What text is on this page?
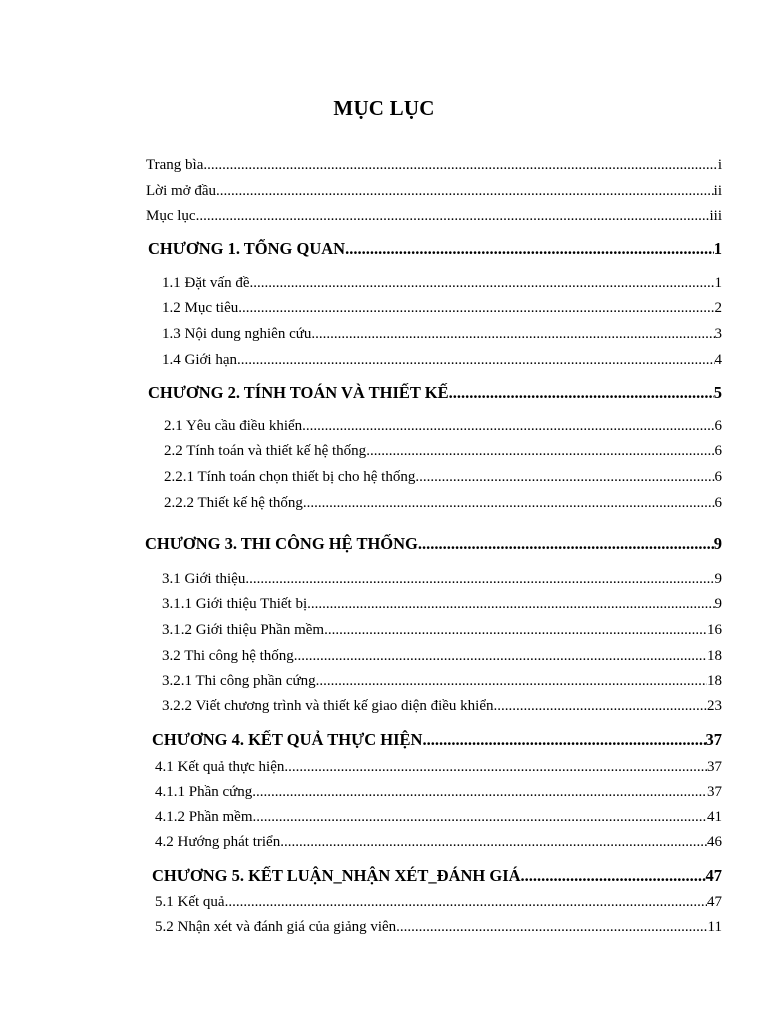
MỤC LỤC
Trang bìa .....	i
Lời mở đầu .....	ii
Mục lục .....	iii
CHƯƠNG 1. TỔNG QUAN .....	1
1.1 Đặt vấn đề .....	1
1.2 Mục tiêu .....	2
1.3 Nội dung nghiên cứu .....	3
1.4 Giới hạn .....	4
CHƯƠNG 2. TÍNH TOÁN VÀ THIẾT KẾ .....	5
2.1 Yêu cầu điều khiển .....	6
2.2 Tính toán và thiết kế hệ thống .....	6
2.2.1 Tính toán chọn thiết bị cho hệ thống .....	6
2.2.2 Thiết kế hệ thống .....	6
CHƯƠNG 3. THI CÔNG HỆ THỐNG .....	9
3.1 Giới thiệu .....	9
3.1.1 Giới thiệu Thiết bị .....	9
3.1.2 Giới thiệu Phần mềm .....	16
3.2 Thi công hệ thống .....	18
3.2.1 Thi công phần cứng .....	18
3.2.2 Viết chương trình và thiết kế giao diện điều khiển .....	23
CHƯƠNG 4. KẾT QUẢ THỰC HIỆN .....	37
4.1 Kết quả thực hiện .....	37
4.1.1 Phần cứng .....	37
4.1.2 Phần mềm .....	41
4.2 Hướng phát triển .....	46
CHƯƠNG 5. KẾT LUẬN_NHẬN XÉT_ĐÁNH GIÁ .....	47
5.1 Kết quả .....	47
5.2 Nhận xét và đánh giá của giảng viên .....	11
